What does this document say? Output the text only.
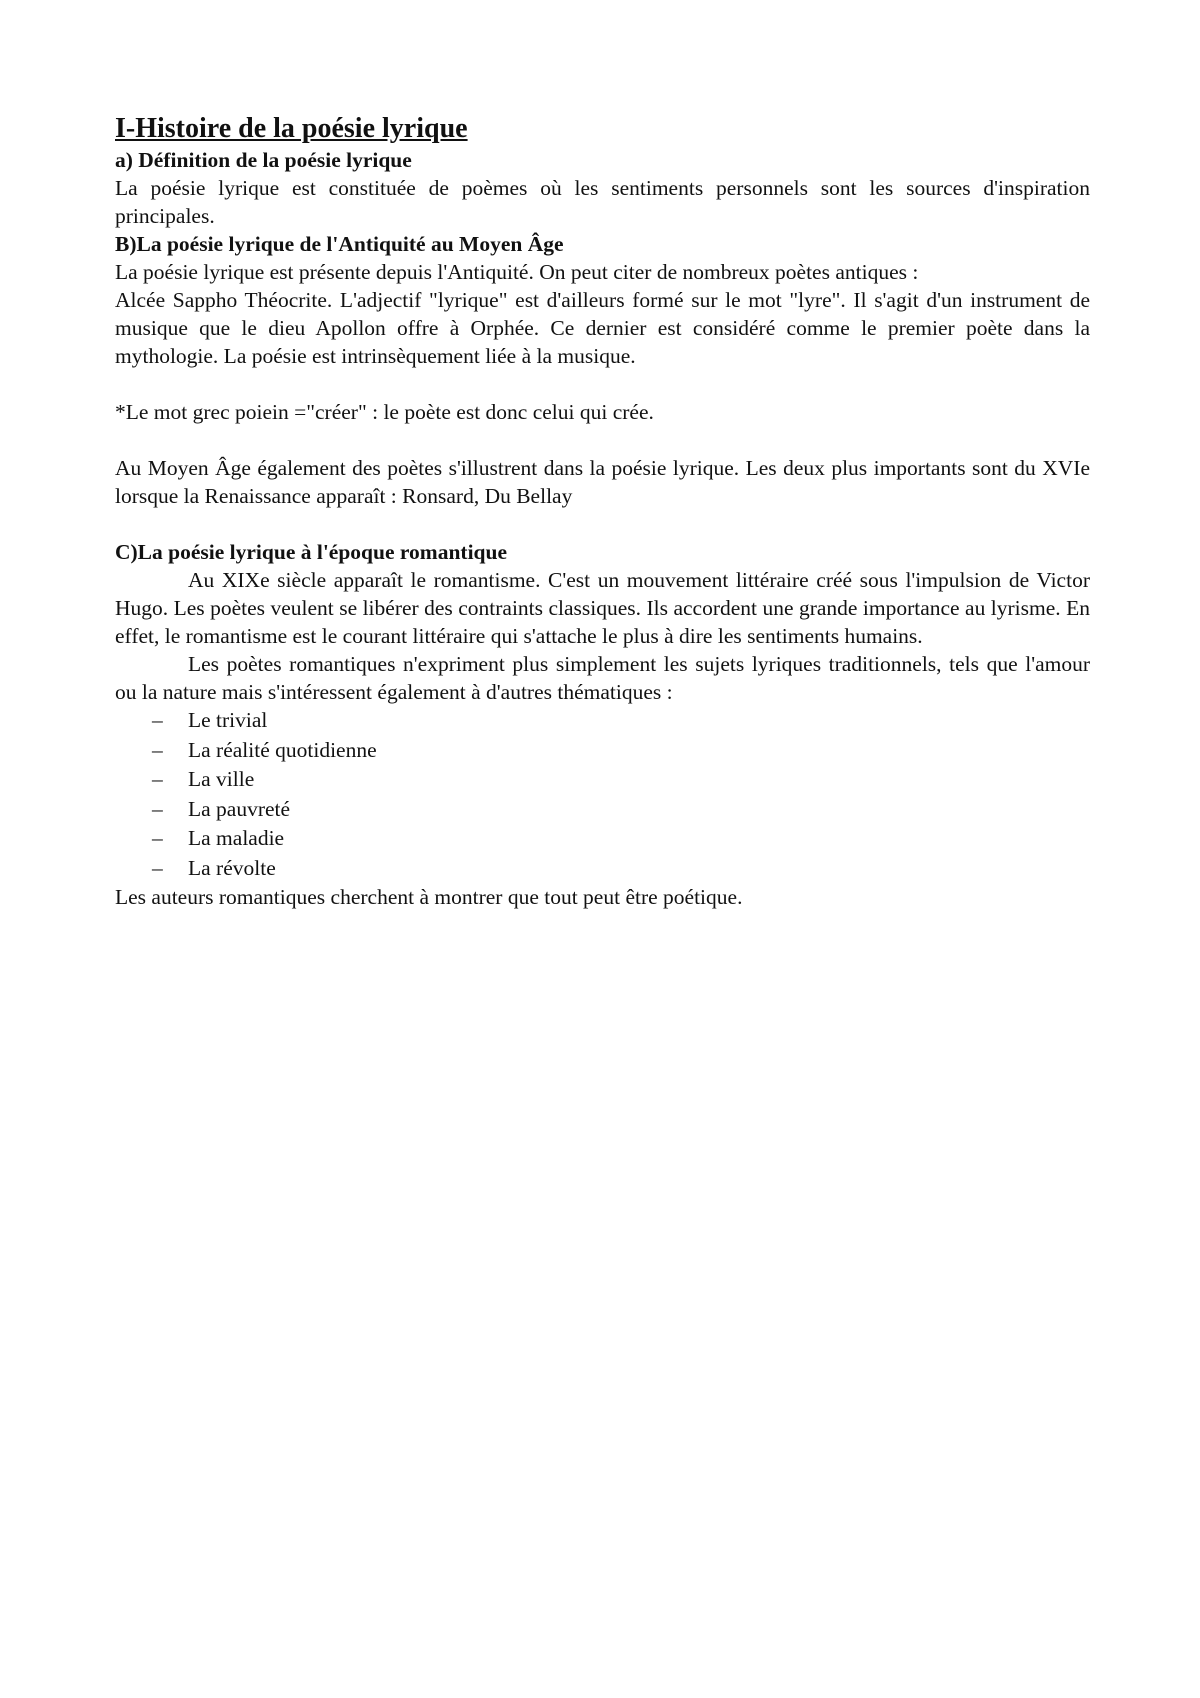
I-Histoire de la poésie lyrique

a) Définition de la poésie lyrique

La poésie lyrique est constituée de poèmes où les sentiments personnels sont les sources d'inspiration principales.

B)La poésie lyrique de l'Antiquité au Moyen Âge

La poésie lyrique est présente depuis l'Antiquité. On peut citer de nombreux poètes antiques :

Alcée Sappho Théocrite. L'adjectif "lyrique" est d'ailleurs formé sur le mot "lyre". Il s'agit d'un instrument de musique que le dieu Apollon offre à Orphée. Ce dernier est considéré comme le premier poète dans la mythologie. La poésie est intrinsèquement liée à la musique.

*Le mot grec poiein ="créer" : le poète est donc celui qui crée.

Au Moyen Âge également des poètes s'illustrent dans la poésie lyrique. Les deux plus importants sont du XVIe lorsque la Renaissance apparaît : Ronsard, Du Bellay

C)La poésie lyrique à l'époque romantique

Au XIXe siècle apparaît le romantisme. C'est un mouvement littéraire créé sous l'impulsion de Victor Hugo. Les poètes veulent se libérer des contraints classiques. Ils accordent une grande importance au lyrisme. En effet, le romantisme est le courant littéraire qui s'attache le plus à dire les sentiments humains.

Les poètes romantiques n'expriment plus simplement les sujets lyriques traditionnels, tels que l'amour ou la nature mais s'intéressent également à d'autres thématiques :

– Le trivial
– La réalité quotidienne
– La ville
– La pauvreté
– La maladie
– La révolte

Les auteurs romantiques cherchent à montrer que tout peut être poétique.
